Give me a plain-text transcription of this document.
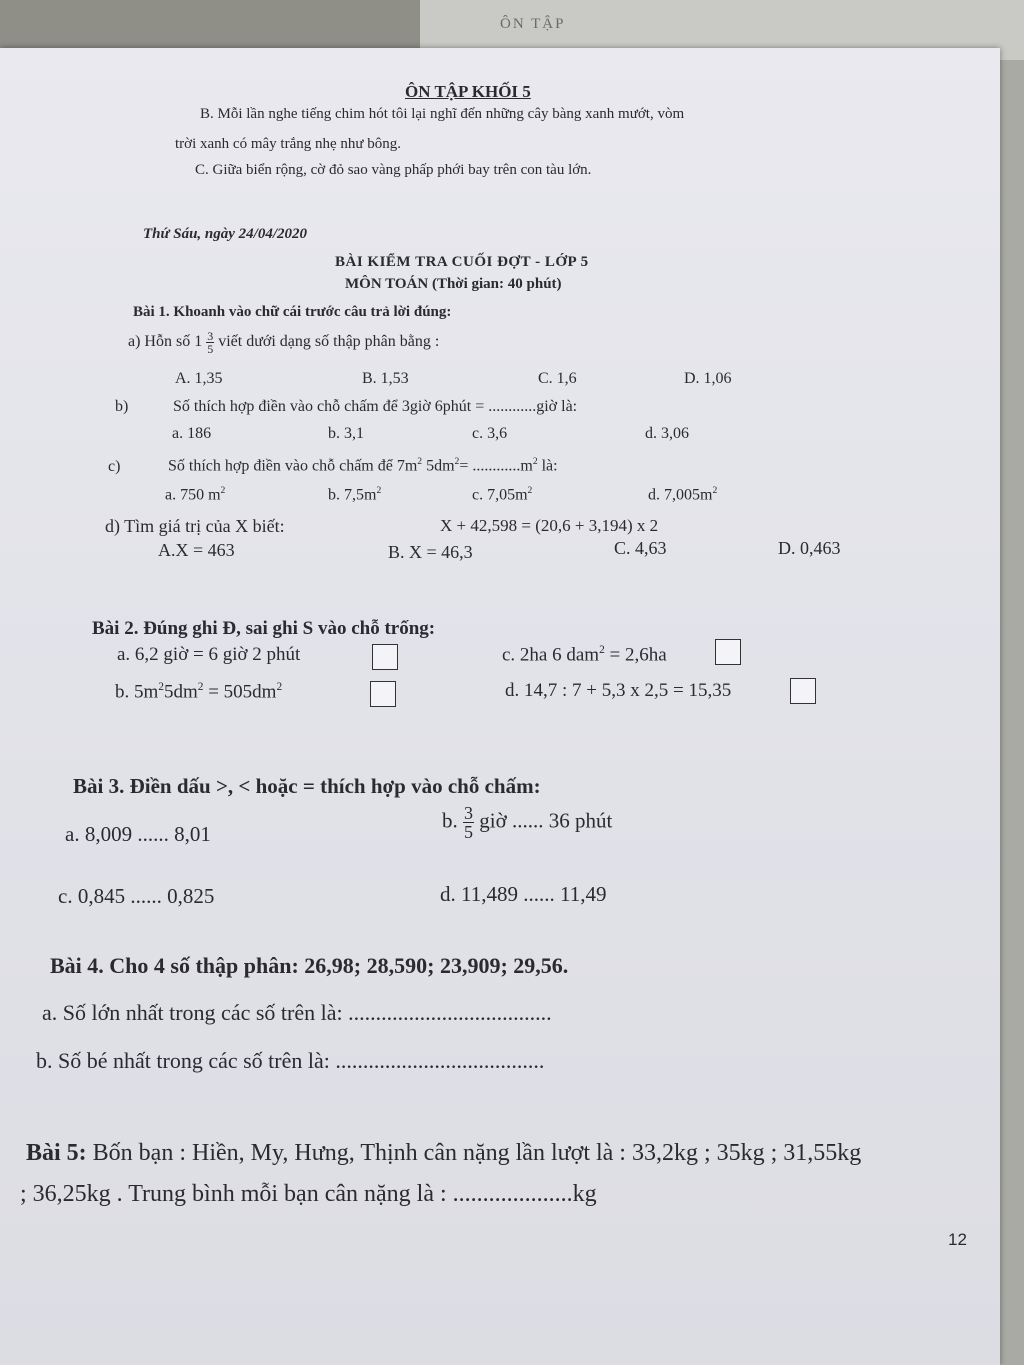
ÔN TẬP
ÔN TẬP KHỐI 5
B. Mỗi lần nghe tiếng chim hót tôi lại nghĩ đến những cây bàng xanh mướt, vòm
trời xanh có mây trắng nhẹ như bông.
C. Giữa biển rộng, cờ đỏ sao vàng phấp phới bay trên con tàu lớn.
Thứ Sáu, ngày 24/04/2020
BÀI KIỂM TRA CUỐI ĐỢT - LỚP 5
MÔN TOÁN (Thời gian: 40 phút)
Bài 1. Khoanh vào chữ cái trước câu trả lời đúng:
a) Hỗn số $1 \frac{3}{5}$ viết dưới dạng số thập phân bằng :
A. 1,35	B. 1,53	C. 1,6	D. 1,06
b)	Số thích hợp điền vào chỗ chấm để 3giờ 6phút = ............giờ là:
a. 186	b. 3,1	c. 3,6	d. 3,06
c)	Số thích hợp điền vào chỗ chấm để $7m^2$ $5dm^2= ............m^2$ là:
a. 750 $m^2$	b. $7,5m^2$	c. $7,05m^2$	d. $7,005m^2$
d) Tìm giá trị của X biết:	X + 42,598 = (20,6 + 3,194) x 2
A.X = 463	B. X = 46,3	C. 4,63	D. 0,463
Bài 2. Đúng ghi Đ, sai ghi S vào chỗ trống:
a. 6,2 giờ = 6 giờ 2 phút	c. 2ha 6 dam$^2$ = 2,6ha
b. $5m^25dm^2 = 505dm^2$	d. 14,7 : 7 + 5,3 x 2,5 = 15,35
Bài 3. Điền dấu >, < hoặc = thích hợp vào chỗ chấm:
a. 8,009 ...... 8,01
b. $\frac{3}{5}$ giờ ...... 36 phút
c. 0,845 ...... 0,825	d. 11,489 ...... 11,49
Bài 4. Cho 4 số thập phân: 26,98; 28,590; 23,909; 29,56.
a. Số lớn nhất trong các số trên là: .....................................
b. Số bé nhất trong các số trên là: ......................................
Bài 5: Bốn bạn : Hiền, My, Hưng, Thịnh cân nặng lần lượt là : 33,2kg ; 35kg ; 31,55kg
; 36,25kg . Trung bình mỗi bạn cân nặng là : ....................kg
12
